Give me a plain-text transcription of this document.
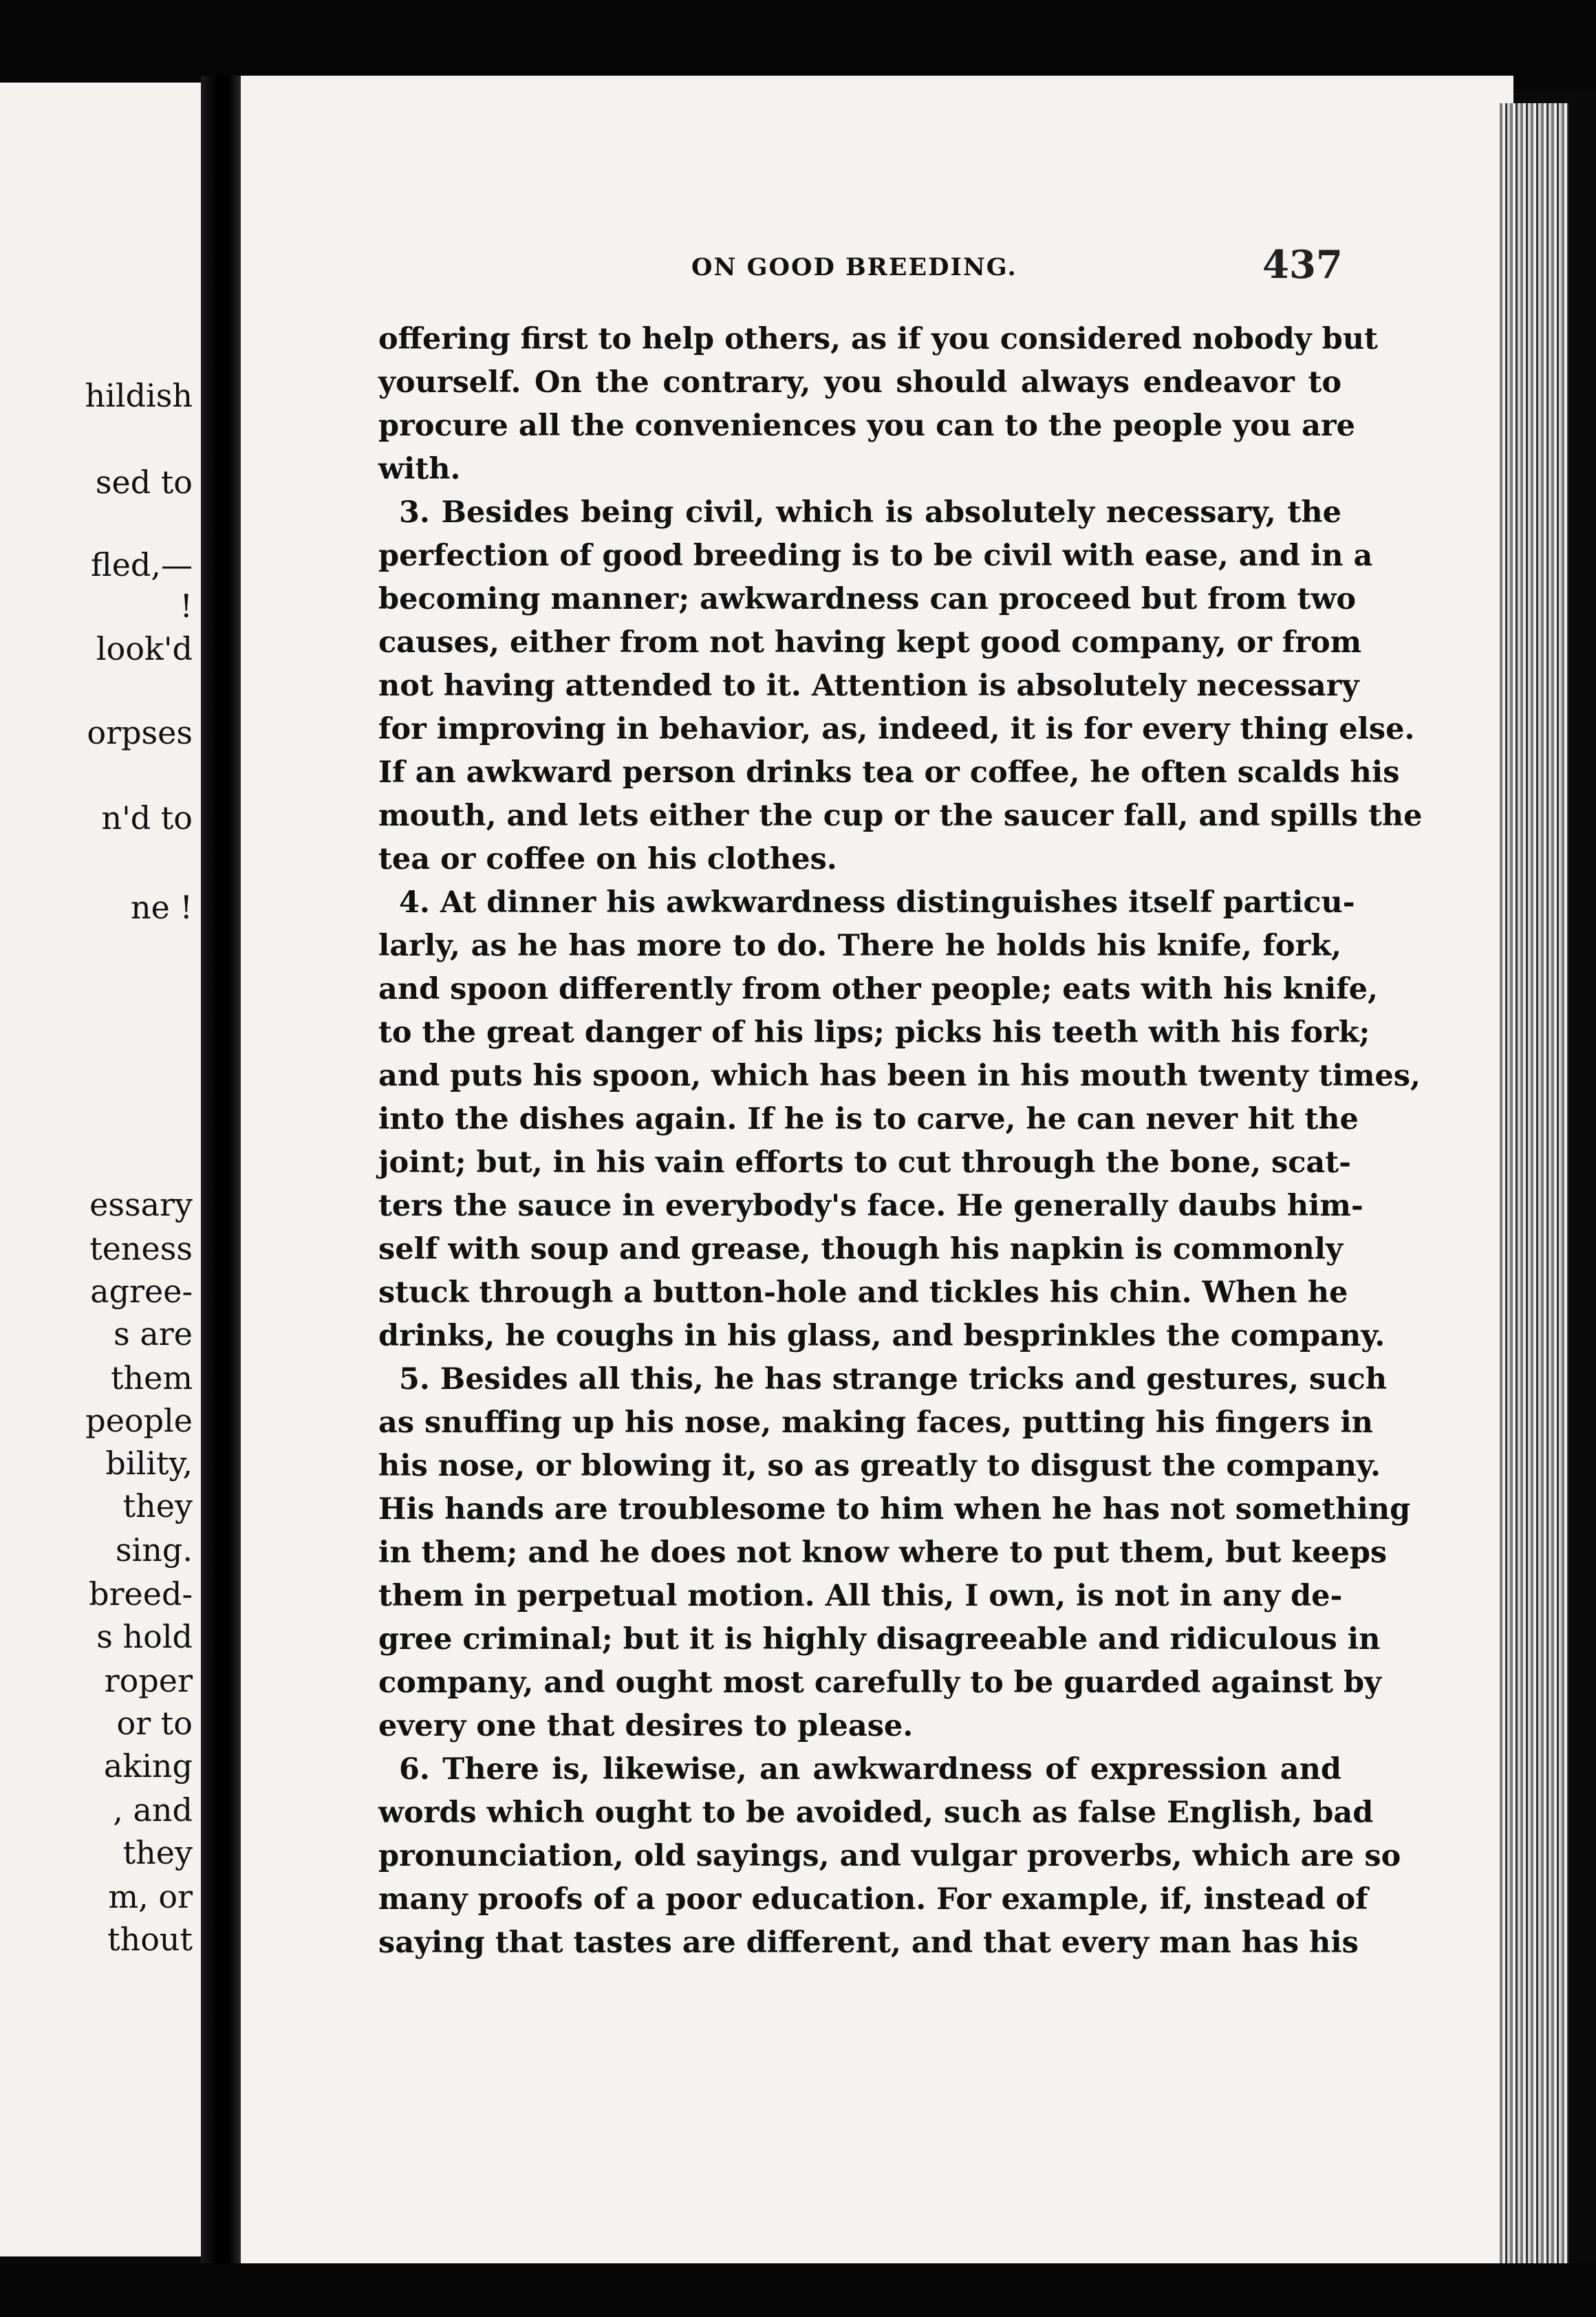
hildish
sed to
fled,—
!
look'd
orpses
n'd to
ne !
essary
teness
agree-
s are
them
people
bility,
they
sing.
breed-
s hold
roper
or to
aking
, and
they
m, or
thout
ON GOOD BREEDING.	437
offering first to help others, as if you considered nobody but
yourself. On the contrary, you should always endeavor to
procure all the conveniences you can to the people you are
with.
3. Besides being civil, which is absolutely necessary, the
perfection of good breeding is to be civil with ease, and in a
becoming manner; awkwardness can proceed but from two
causes, either from not having kept good company, or from
not having attended to it. Attention is absolutely necessary
for improving in behavior, as, indeed, it is for every thing else.
If an awkward person drinks tea or coffee, he often scalds his
mouth, and lets either the cup or the saucer fall, and spills the
tea or coffee on his clothes.
4. At dinner his awkwardness distinguishes itself particu-
larly, as he has more to do. There he holds his knife, fork,
and spoon differently from other people; eats with his knife,
to the great danger of his lips; picks his teeth with his fork;
and puts his spoon, which has been in his mouth twenty times,
into the dishes again. If he is to carve, he can never hit the
joint; but, in his vain efforts to cut through the bone, scat-
ters the sauce in everybody's face. He generally daubs him-
self with soup and grease, though his napkin is commonly
stuck through a button-hole and tickles his chin. When he
drinks, he coughs in his glass, and besprinkles the company.
5. Besides all this, he has strange tricks and gestures, such
as snuffing up his nose, making faces, putting his fingers in
his nose, or blowing it, so as greatly to disgust the company.
His hands are troublesome to him when he has not something
in them; and he does not know where to put them, but keeps
them in perpetual motion. All this, I own, is not in any de-
gree criminal; but it is highly disagreeable and ridiculous in
company, and ought most carefully to be guarded against by
every one that desires to please.
6. There is, likewise, an awkwardness of expression and
words which ought to be avoided, such as false English, bad
pronunciation, old sayings, and vulgar proverbs, which are so
many proofs of a poor education. For example, if, instead of
saying that tastes are different, and that every man has his
